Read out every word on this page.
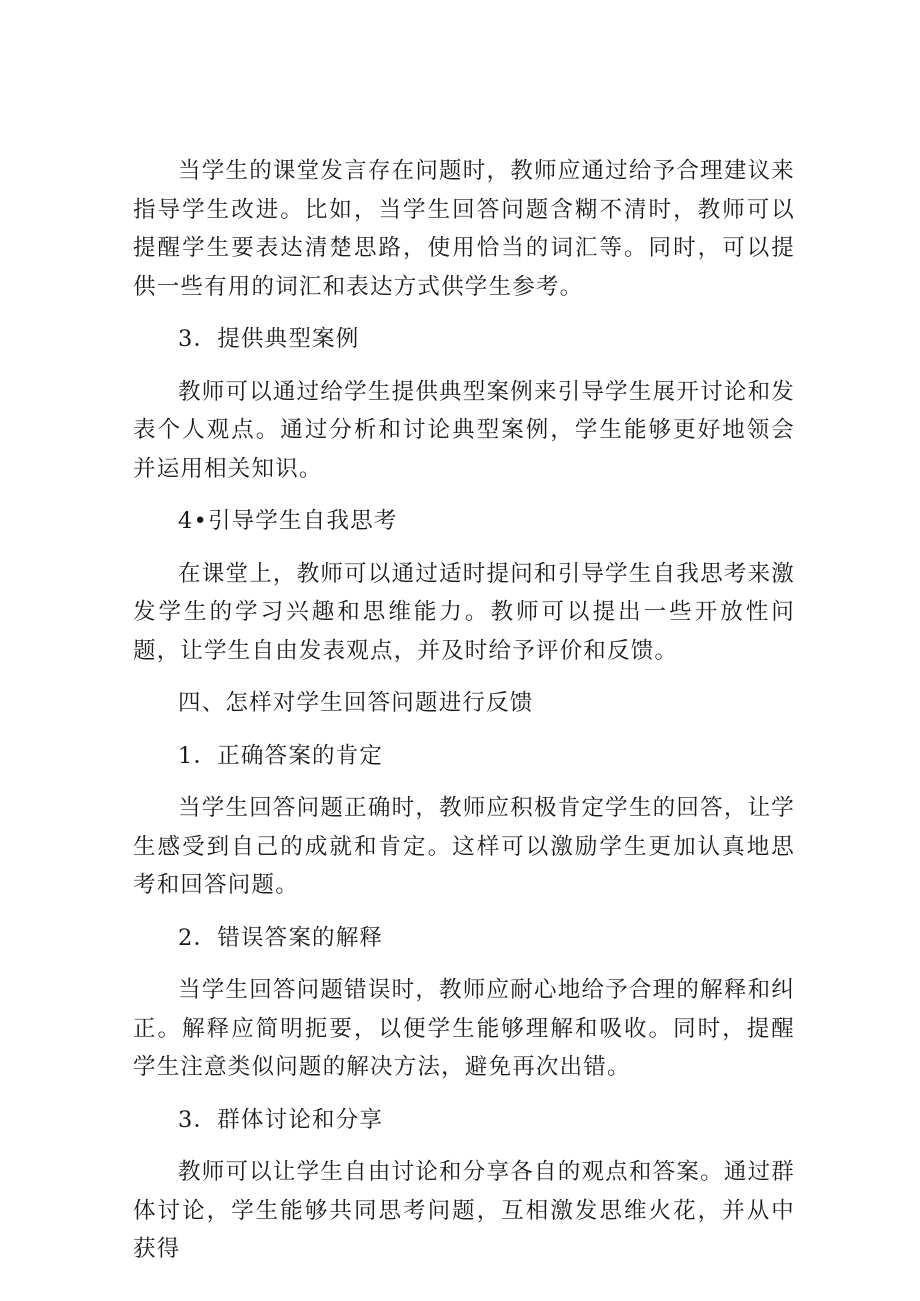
当学生的课堂发言存在问题时，教师应通过给予合理建议来指导学生改进。比如，当学生回答问题含糊不清时，教师可以提醒学生要表达清楚思路，使用恰当的词汇等。同时，可以提供一些有用的词汇和表达方式供学生参考。

3．提供典型案例

教师可以通过给学生提供典型案例来引导学生展开讨论和发表个人观点。通过分析和讨论典型案例，学生能够更好地领会并运用相关知识。

4•引导学生自我思考

在课堂上，教师可以通过适时提问和引导学生自我思考来激发学生的学习兴趣和思维能力。教师可以提出一些开放性问题，让学生自由发表观点，并及时给予评价和反馈。

四、怎样对学生回答问题进行反馈

1．正确答案的肯定

当学生回答问题正确时，教师应积极肯定学生的回答，让学生感受到自己的成就和肯定。这样可以激励学生更加认真地思考和回答问题。

2．错误答案的解释

当学生回答问题错误时，教师应耐心地给予合理的解释和纠正。解释应简明扼要，以便学生能够理解和吸收。同时，提醒学生注意类似问题的解决方法，避免再次出错。

3．群体讨论和分享

教师可以让学生自由讨论和分享各自的观点和答案。通过群体讨论，学生能够共同思考问题，互相激发思维火花，并从中获得
